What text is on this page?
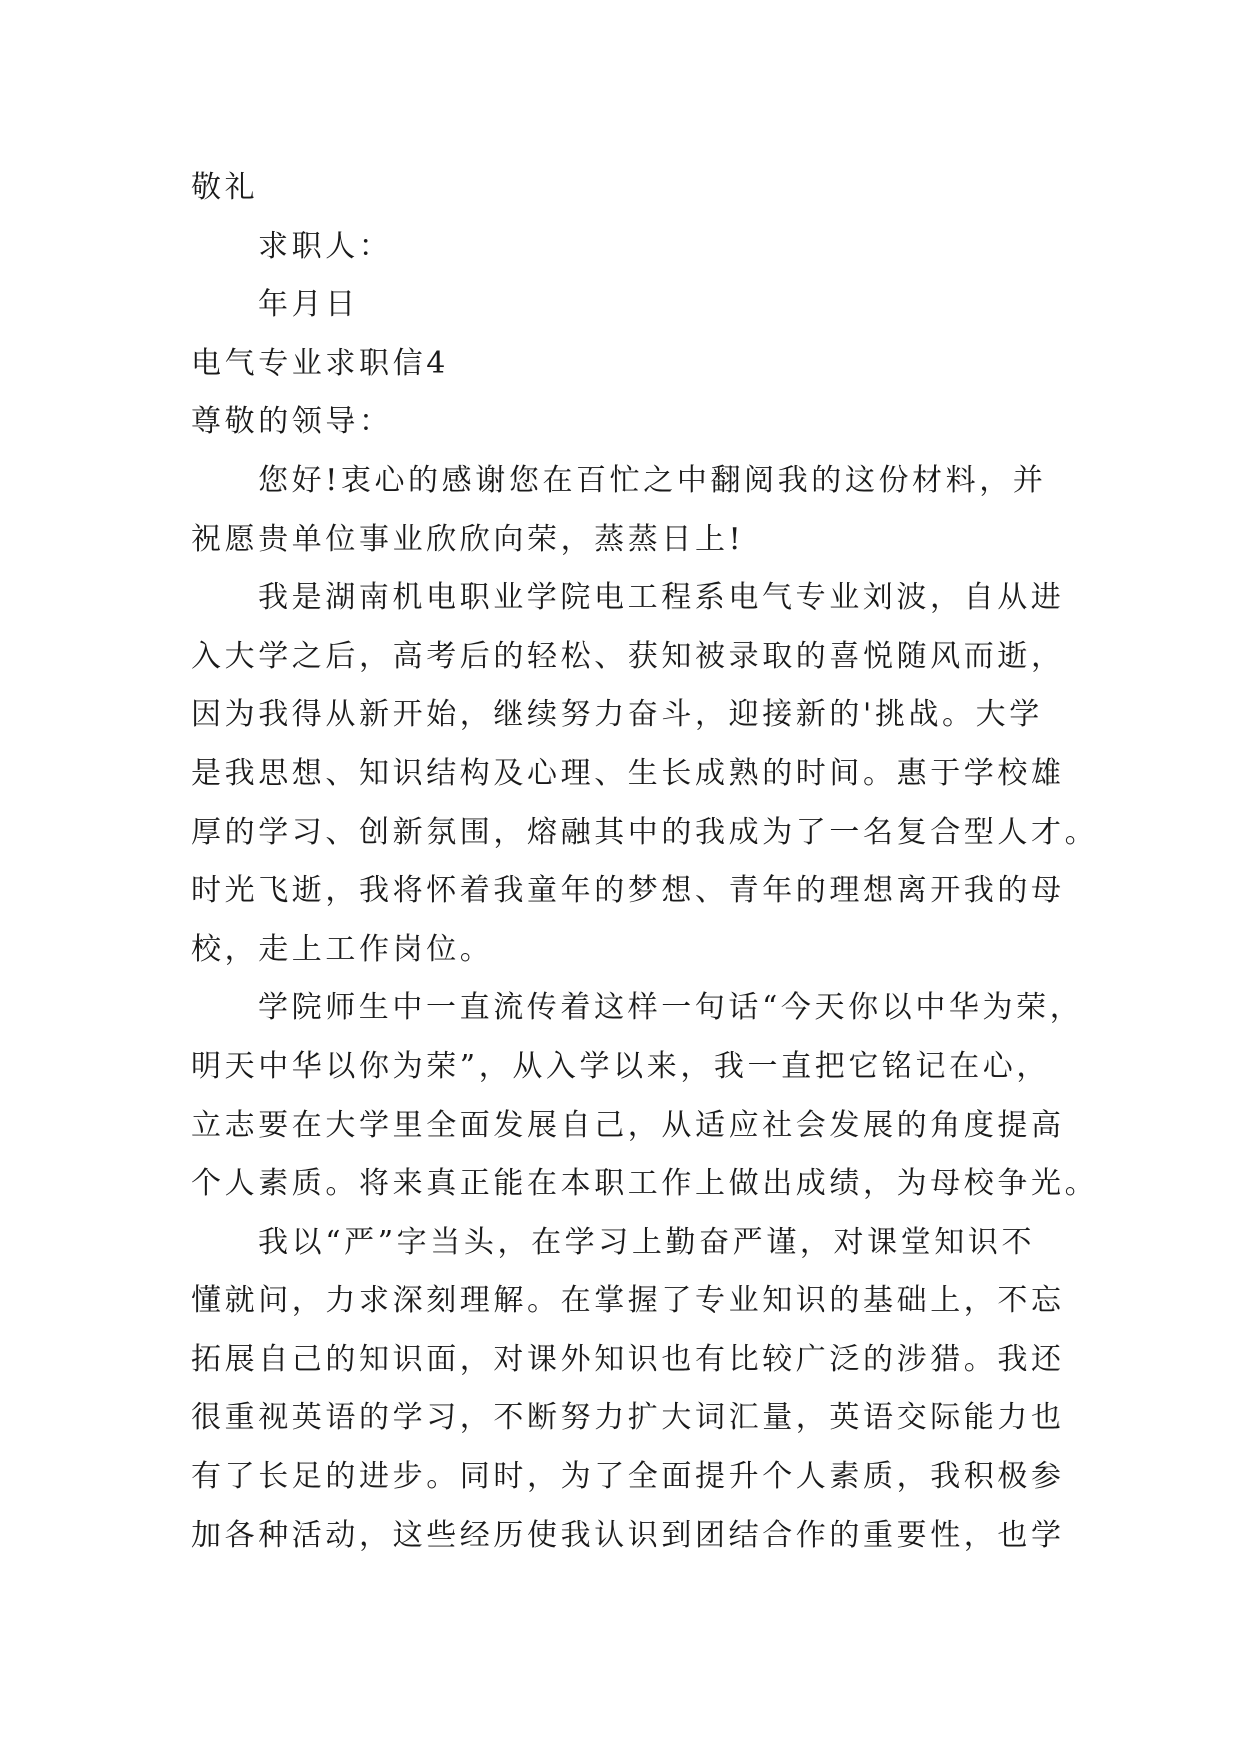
敬礼
求职人：
年月日
电气专业求职信4
尊敬的领导：
您好!衷心的感谢您在百忙之中翻阅我的这份材料，并
祝愿贵单位事业欣欣向荣，蒸蒸日上!
我是湖南机电职业学院电工程系电气专业刘波，自从进
入大学之后，高考后的轻松、获知被录取的喜悦随风而逝，
因为我得从新开始，继续努力奋斗，迎接新的'挑战。大学
是我思想、知识结构及心理、生长成熟的时间。惠于学校雄
厚的学习、创新氛围，熔融其中的我成为了一名复合型人才。
时光飞逝，我将怀着我童年的梦想、青年的理想离开我的母
校，走上工作岗位。
学院师生中一直流传着这样一句话“今天你以中华为荣，
明天中华以你为荣”，从入学以来，我一直把它铭记在心，
立志要在大学里全面发展自己，从适应社会发展的角度提高
个人素质。将来真正能在本职工作上做出成绩，为母校争光。
我以“严”字当头，在学习上勤奋严谨，对课堂知识不
懂就问，力求深刻理解。在掌握了专业知识的基础上，不忘
拓展自己的知识面，对课外知识也有比较广泛的涉猎。我还
很重视英语的学习，不断努力扩大词汇量，英语交际能力也
有了长足的进步。同时，为了全面提升个人素质，我积极参
加各种活动，这些经历使我认识到团结合作的重要性，也学
